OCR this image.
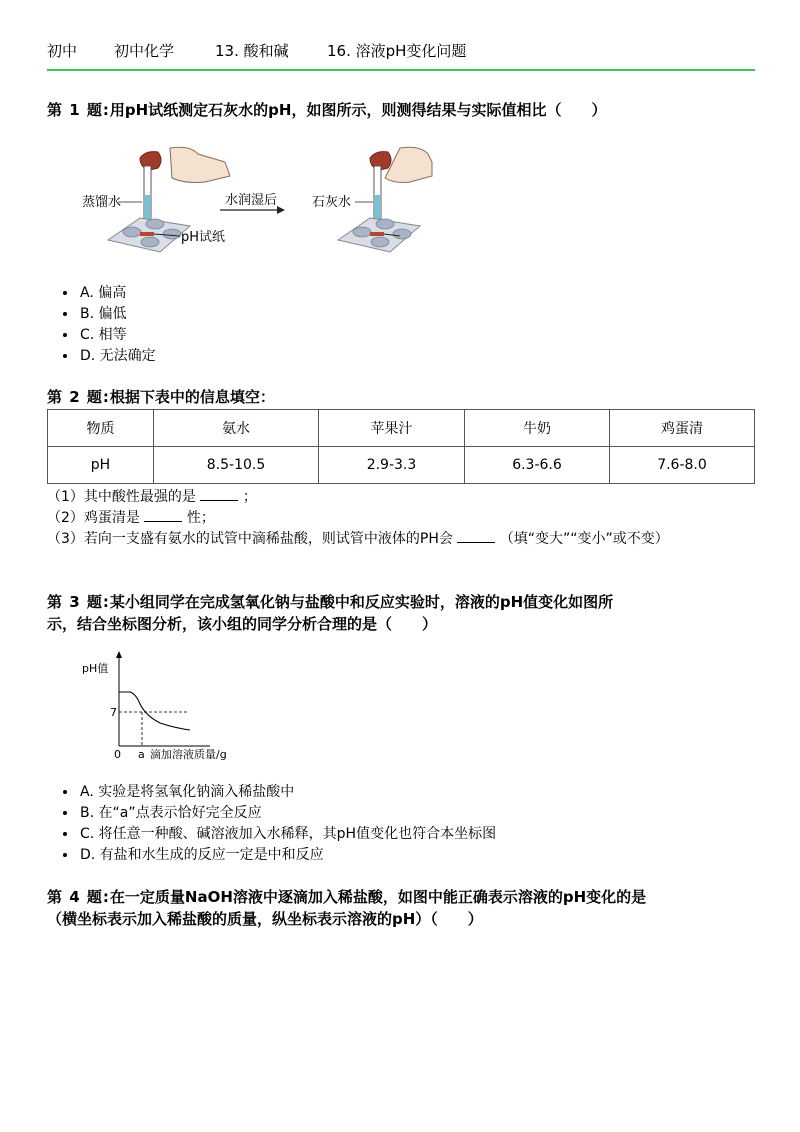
初中	初中化学	13. 酸和碱	16. 溶液pH变化问题
第 1 题:用pH试纸测定石灰水的pH，如图所示，则测得结果与实际值相比（　　）
蒸馏水
pH试纸
水润湿后	石灰水
• A. 偏高
• B. 偏低
• C. 相等
• D. 无法确定
第 2 题:根据下表中的信息填空：
物质	氨水	苹果汁	牛奶	鸡蛋清
pH	8.5-10.5	2.9-3.3	6.3-6.6	7.6-8.0
（1）其中酸性最强的是	；
（2）鸡蛋清是	性；
（3）若向一支盛有氨水的试管中滴稀盐酸，则试管中液体的PH会	（填“变大”“变小”或不变）
第 3 题:某小组同学在完成氢氧化钠与盐酸中和反应实验时，溶液的pH值变化如图所
示，结合坐标图分析，该小组的同学分析合理的是（　　）
pH值
7
0 a 滴加溶液质量/g
• A. 实验是将氢氧化钠滴入稀盐酸中
• B. 在“a”点表示恰好完全反应
• C. 将任意一种酸、碱溶液加入水稀释，其pH值变化也符合本坐标图
• D. 有盐和水生成的反应一定是中和反应
第 4 题:在一定质量NaOH溶液中逐滴加入稀盐酸，如图中能正确表示溶液的pH变化的是
（横坐标表示加入稀盐酸的质量，纵坐标表示溶液的pH）（　　）
